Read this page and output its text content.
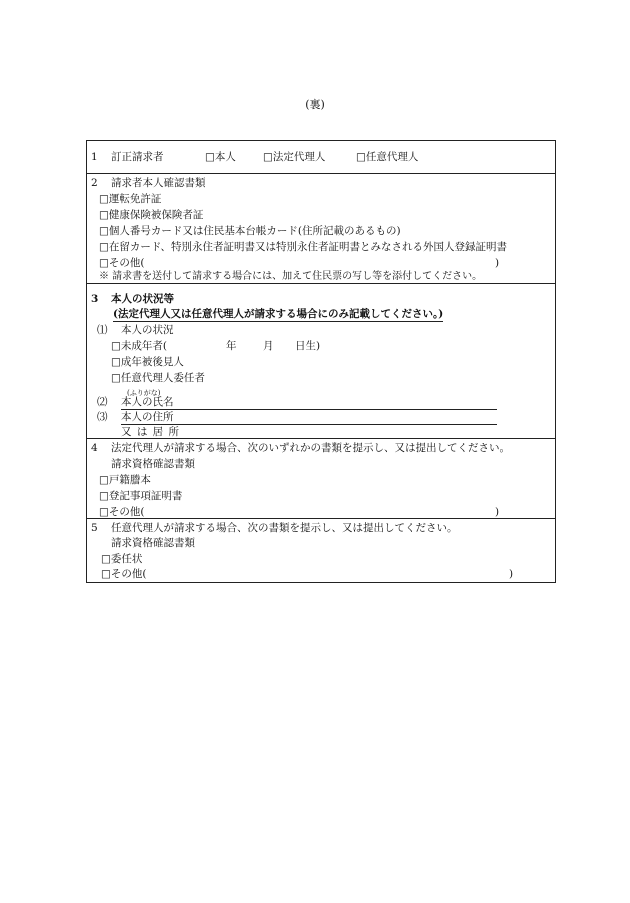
(裏)
1 訂正請求者	□本人	□法定代理人	□任意代理人
2 請求者本人確認書類
□運転免許証
□健康保険被保険者証
□個人番号カード又は住民基本台帳カード(住所記載のあるもの)
□在留カード、特別永住者証明書又は特別永住者証明書とみなされる外国人登録証明書
□その他(	)
※ 請求書を送付して請求する場合には、加えて住民票の写し等を添付してください。
3 本人の状況等
(法定代理人又は任意代理人が請求する場合にのみ記載してください。)
⑴ 本人の状況
□未成年者(	年	月 日生)
□成年被後見人
□任意代理人委任者
(ふりがな)
⑵ 本人の氏名
⑶ 本人の住所
又 は 居 所
4 法定代理人が請求する場合、次のいずれかの書類を提示し、又は提出してください。
請求資格確認書類
□戸籍謄本
□登記事項証明書
□その他(	)
5 任意代理人が請求する場合、次の書類を提示し、又は提出してください。
請求資格確認書類
□委任状
□その他(	)
